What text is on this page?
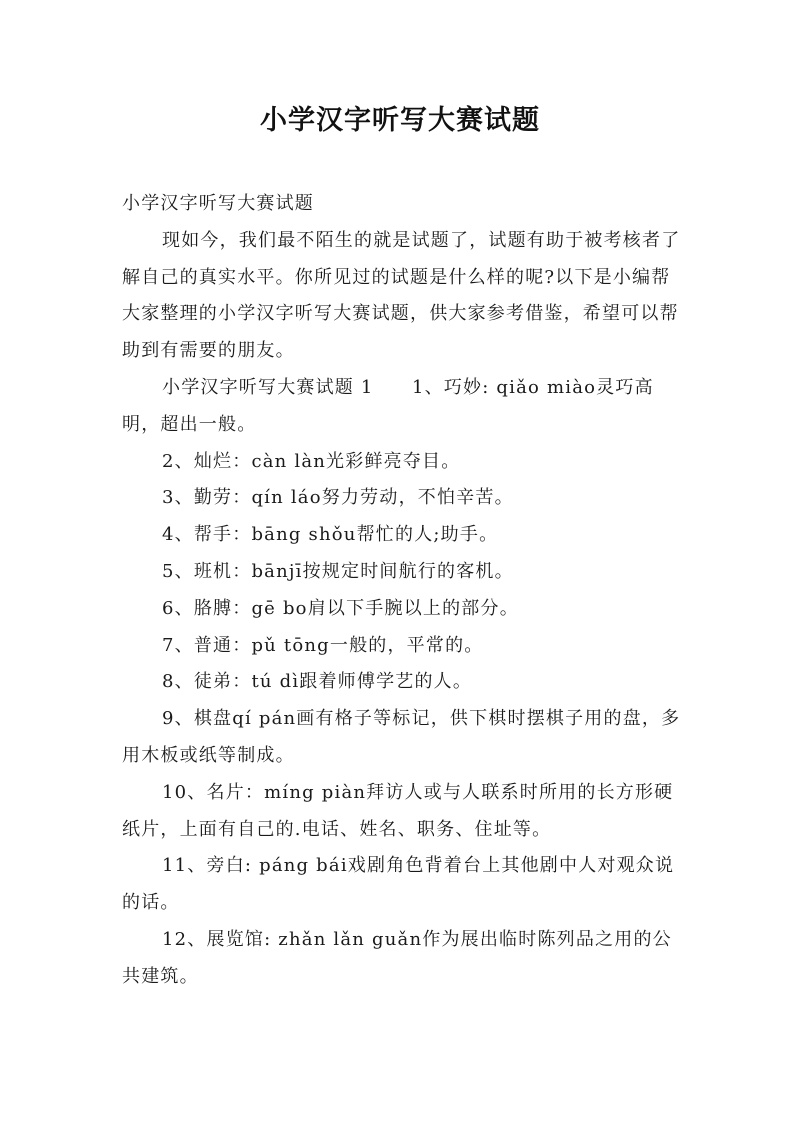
小学汉字听写大赛试题

小学汉字听写大赛试题

现如今，我们最不陌生的就是试题了，试题有助于被考核者了解自己的真实水平。你所见过的试题是什么样的呢?以下是小编帮大家整理的小学汉字听写大赛试题，供大家参考借鉴，希望可以帮助到有需要的朋友。

小学汉字听写大赛试题 1　　1、巧妙: qiǎo miào灵巧高明，超出一般。

2、灿烂：càn làn光彩鲜亮夺目。

3、勤劳：qín láo努力劳动，不怕辛苦。

4、帮手：bāng shǒu帮忙的人;助手。

5、班机：bānjī按规定时间航行的客机。

6、胳膊：gē bo肩以下手腕以上的部分。

7、普通：pǔ tōng一般的，平常的。

8、徒弟：tú dì跟着师傅学艺的人。

9、棋盘qí pán画有格子等标记，供下棋时摆棋子用的盘，多用木板或纸等制成。

10、名片：míng piàn拜访人或与人联系时所用的长方形硬纸片，上面有自己的.电话、姓名、职务、住址等。

11、旁白: páng bái戏剧角色背着台上其他剧中人对观众说的话。

12、展览馆: zhǎn lǎn guǎn作为展出临时陈列品之用的公共建筑。
